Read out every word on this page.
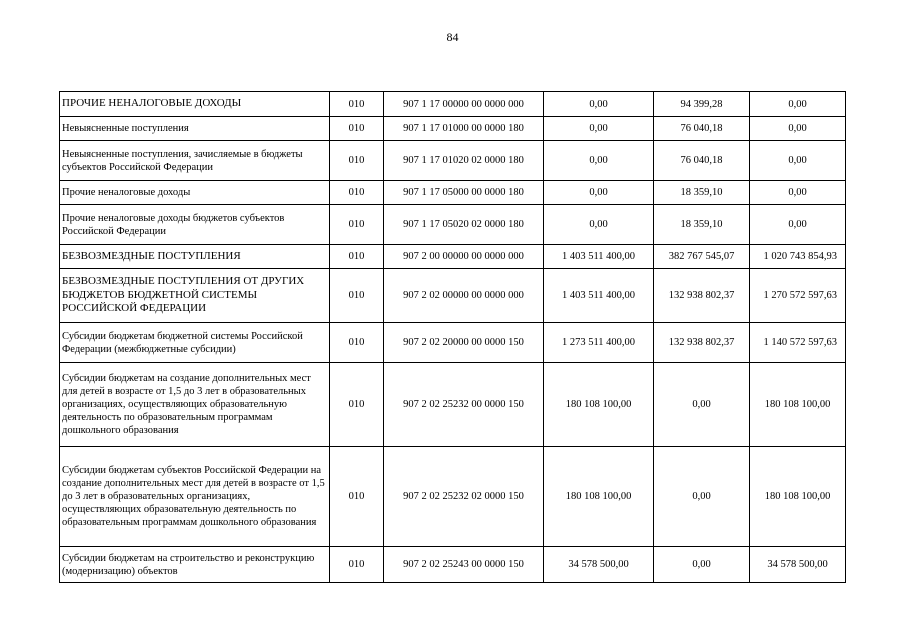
84
ПРОЧИЕ НЕНАЛОГОВЫЕ ДОХОДЫ	010	907 1 17 00000 00 0000 000	0,00	94 399,28	0,00
Невыясненные поступления	010	907 1 17 01000 00 0000 180	0,00	76 040,18	0,00
Невыясненные поступления, зачисляемые в бюджеты субъектов Российской Федерации	010	907 1 17 01020 02 0000 180	0,00	76 040,18	0,00
Прочие неналоговые доходы	010	907 1 17 05000 00 0000 180	0,00	18 359,10	0,00
Прочие неналоговые доходы бюджетов субъектов Российской Федерации	010	907 1 17 05020 02 0000 180	0,00	18 359,10	0,00
БЕЗВОЗМЕЗДНЫЕ ПОСТУПЛЕНИЯ	010	907 2 00 00000 00 0000 000	1 403 511 400,00	382 767 545,07	1 020 743 854,93
БЕЗВОЗМЕЗДНЫЕ ПОСТУПЛЕНИЯ ОТ ДРУГИХ БЮДЖЕТОВ БЮДЖЕТНОЙ СИСТЕМЫ РОССИЙСКОЙ ФЕДЕРАЦИИ	010	907 2 02 00000 00 0000 000	1 403 511 400,00	132 938 802,37	1 270 572 597,63
Субсидии бюджетам бюджетной системы Российской Федерации (межбюджетные субсидии)	010	907 2 02 20000 00 0000 150	1 273 511 400,00	132 938 802,37	1 140 572 597,63
Субсидии бюджетам на создание дополнительных мест для детей в возрасте от 1,5 до 3 лет в образовательных организациях, осуществляющих образовательную деятельность по образовательным программам дошкольного образования	010	907 2 02 25232 00 0000 150	180 108 100,00	0,00	180 108 100,00
Субсидии бюджетам субъектов Российской Федерации на создание дополнительных мест для детей в возрасте от 1,5 до 3 лет в образовательных организациях, осуществляющих образовательную деятельность по образовательным программам дошкольного образования	010	907 2 02 25232 02 0000 150	180 108 100,00	0,00	180 108 100,00
Субсидии бюджетам на строительство и реконструкцию (модернизацию) объектов	010	907 2 02 25243 00 0000 150	34 578 500,00	0,00	34 578 500,00
